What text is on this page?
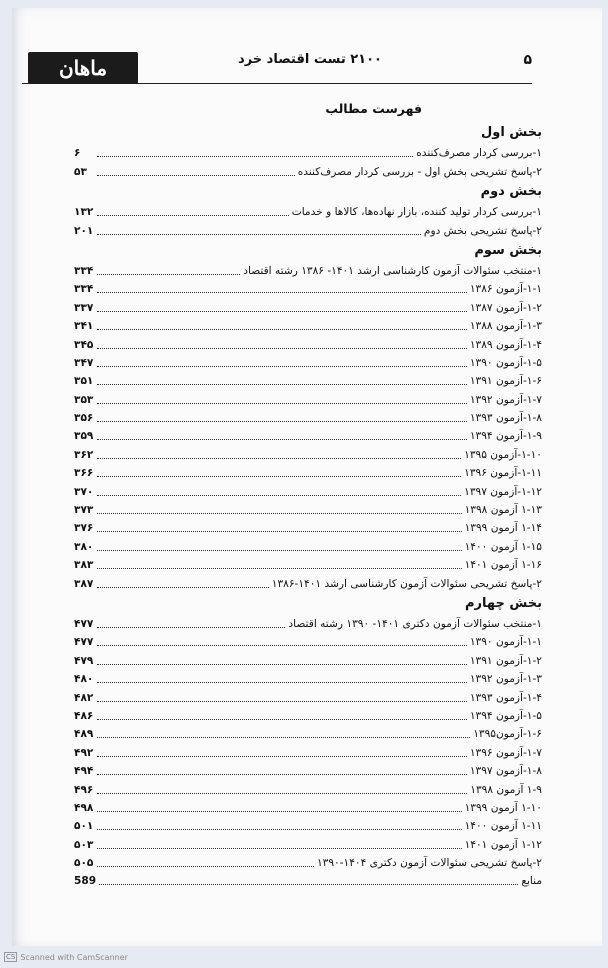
۵
۲۱۰۰ تست اقتصاد خرد
ماهان
فهرست مطالب
بخش اول
۱-بررسی کردار مصرف‌کننده
۶
۲-پاسخ تشریحی بخش اول - بررسی کردار مصرف‌کننده
۵۳
بخش دوم
۱-بررسی کردار تولید کننده، بازار نهاده‌ها، کالاها و خدمات
۱۳۲
۲-پاسخ تشریحی بخش دوم
۲۰۱
بخش سوم
۱-منتخب سئوالات آزمون کارشناسی ارشد ۱۴۰۱- ۱۳۸۶ رشته اقتصاد
۳۳۴
۱-۱-آزمون ۱۳۸۶
۳۳۴
۱-۲-آزمون ۱۳۸۷
۳۳۷
۱-۳-آزمون ۱۳۸۸
۳۴۱
۱-۴-آزمون ۱۳۸۹
۳۴۵
۱-۵-آزمون ۱۳۹۰
۳۴۷
۱-۶-آزمون ۱۳۹۱
۳۵۱
۱-۷-آزمون ۱۳۹۲
۳۵۳
۱-۸-آزمون ۱۳۹۳
۳۵۶
۱-۹-آزمون ۱۳۹۴
۳۵۹
۱-۱۰-آزمون ۱۳۹۵
۳۶۲
۱-۱۱-آزمون ۱۳۹۶
۳۶۶
۱-۱۲-آزمون ۱۳۹۷
۳۷۰
۱-۱۳ آزمون ۱۳۹۸
۳۷۳
۱-۱۴ آزمون ۱۳۹۹
۳۷۶
۱-۱۵ آزمون ۱۴۰۰
۳۸۰
۱-۱۶ آزمون ۱۴۰۱
۳۸۳
۲-پاسخ تشریحی سئوالات آزمون کارشناسی ارشد ۱۴۰۱-۱۳۸۶
۳۸۷
بخش چهارم
۱-منتخب سئوالات آزمون دکتری ۱۴۰۱- ۱۳۹۰ رشته اقتصاد
۴۷۷
۱-۱-آزمون ۱۳۹۰
۴۷۷
۱-۲-آزمون ۱۳۹۱
۴۷۹
۱-۳-آزمون ۱۳۹۲
۴۸۰
۱-۴-آزمون ۱۳۹۳
۴۸۲
۱-۵-آزمون ۱۳۹۴
۴۸۶
۱-۶-آزمون۱۳۹۵
۴۸۹
۱-۷-آزمون ۱۳۹۶
۴۹۲
۱-۸-آزمون ۱۳۹۷
۴۹۴
۱-۹ آزمون ۱۳۹۸
۴۹۶
۱-۱۰ آزمون ۱۳۹۹
۴۹۸
۱-۱۱ آزمون ۱۴۰۰
۵۰۱
۱-۱۲ آزمون ۱۴۰۱
۵۰۳
۲-پاسخ تشریحی سئوالات آزمون دکتری ۱۴۰۴-۱۳۹۰
۵۰۵
منابع
589
CS Scanned with CamScanner
